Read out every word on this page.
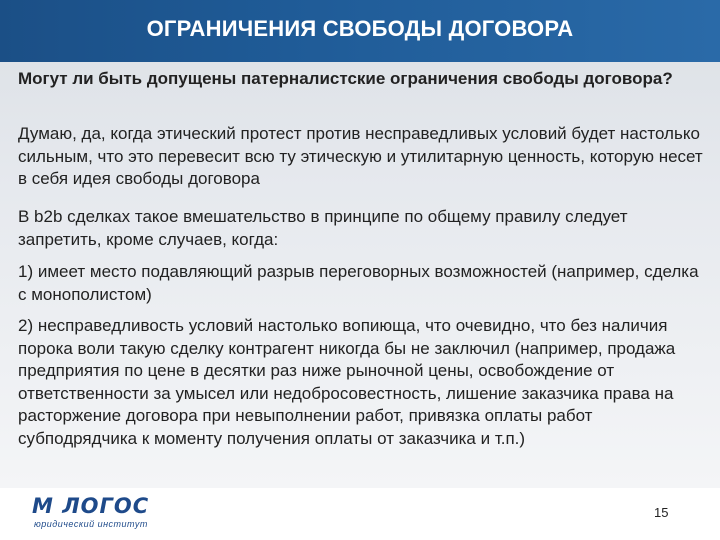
ОГРАНИЧЕНИЯ СВОБОДЫ ДОГОВОРА
Могут ли быть допущены патерналистские ограничения свободы договора?
Думаю, да, когда этический протест против несправедливых условий будет настолько сильным, что это перевесит всю ту этическую и утилитарную ценность, которую несет в себя идея свободы договора
В b2b сделках такое вмешательство в принципе по общему правилу следует запретить, кроме случаев, когда:
1) имеет место подавляющий разрыв переговорных возможностей (например, сделка с монополистом)
2) несправедливость условий настолько вопиюща, что очевидно, что без наличия порока воли такую сделку контрагент никогда бы не заключил (например, продажа предприятия по цене в десятки раз ниже рыночной цены, освобождение от ответственности за умысел или недобросовестность, лишение заказчика права на расторжение договора при невыполнении работ, привязка оплаты работ субподрядчика к моменту получения оплаты от заказчика и т.п.)
М ЛОГОС
юридический институт
15
